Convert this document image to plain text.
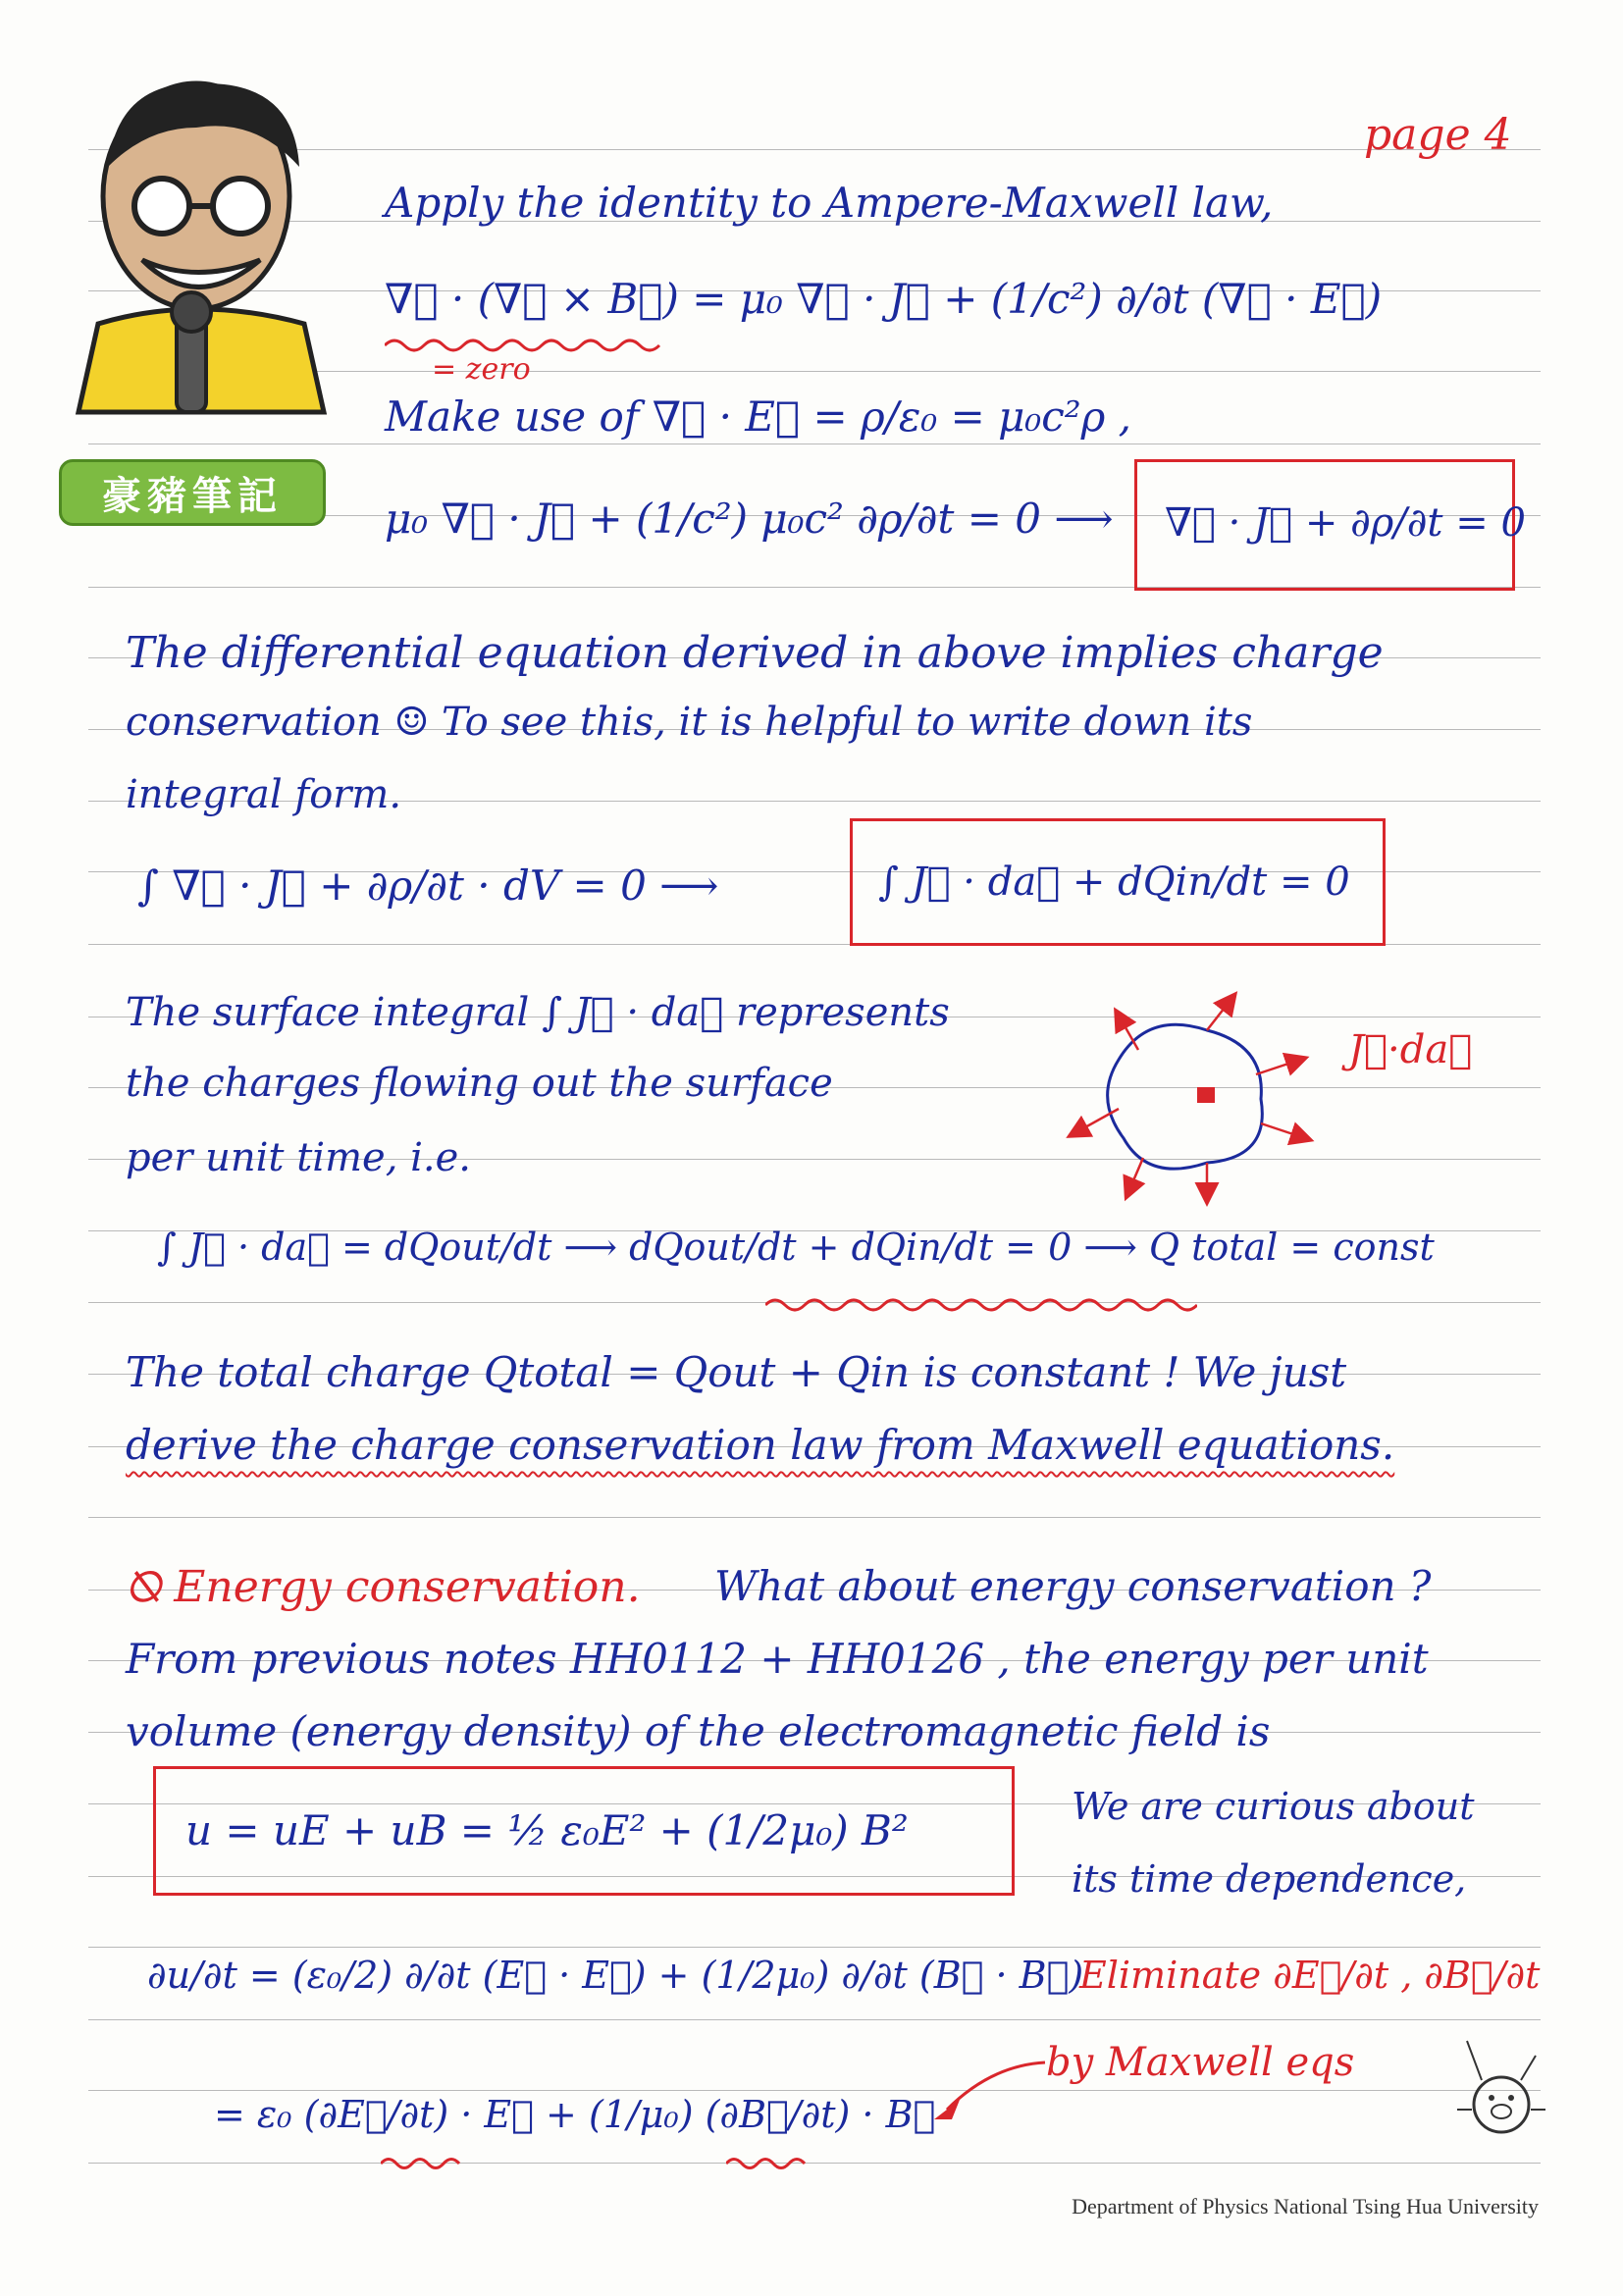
豪豬筆記
page 4
Apply the identity to Ampere-Maxwell law,
∇⃗ · (∇⃗ × B⃗) = μ₀ ∇⃗ · J⃗ + (1/c²) ∂/∂t (∇⃗ · E⃗)
= zero
Make use of ∇⃗ · E⃗ = ρ/ε₀ = μ₀c²ρ ,
μ₀ ∇⃗ · J⃗ + (1/c²) μ₀c² ∂ρ/∂t = 0 ⟶ ∇⃗ · J⃗ + ∂ρ/∂t = 0
The differential equation derived in above implies charge
conservation ☺ To see this, it is helpful to write down its
integral form.
∫ ∇⃗ · J⃗ + ∂ρ/∂t · dV = 0 ⟶	∫ J⃗ · da⃗ + dQin/dt = 0
The surface integral ∫ J⃗ · da⃗ represents
the charges flowing out the surface
per unit time, i.e.
J⃗·da⃗
∫ J⃗ · da⃗ = dQout/dt ⟶ dQout/dt + dQin/dt = 0 ⟶ Q total = const
The total charge Qtotal = Qout + Qin is constant ! We just
derive the charge conservation law from Maxwell equations.
⦰ Energy conservation. What about energy conservation ?
From previous notes HH0112 + HH0126 , the energy per unit
volume (energy density) of the electromagnetic field is
u = uE + uB = ½ ε₀E² + (1/2μ₀) B²	We are curious about
its time dependence,
∂u/∂t = (ε₀/2) ∂/∂t (E⃗ · E⃗) + (1/2μ₀) ∂/∂t (B⃗ · B⃗)
Eliminate ∂E⃗/∂t , ∂B⃗/∂t
= ε₀ (∂E⃗/∂t) · E⃗ + (1/μ₀) (∂B⃗/∂t) · B⃗
by Maxwell eqs
Department of Physics National Tsing Hua University
